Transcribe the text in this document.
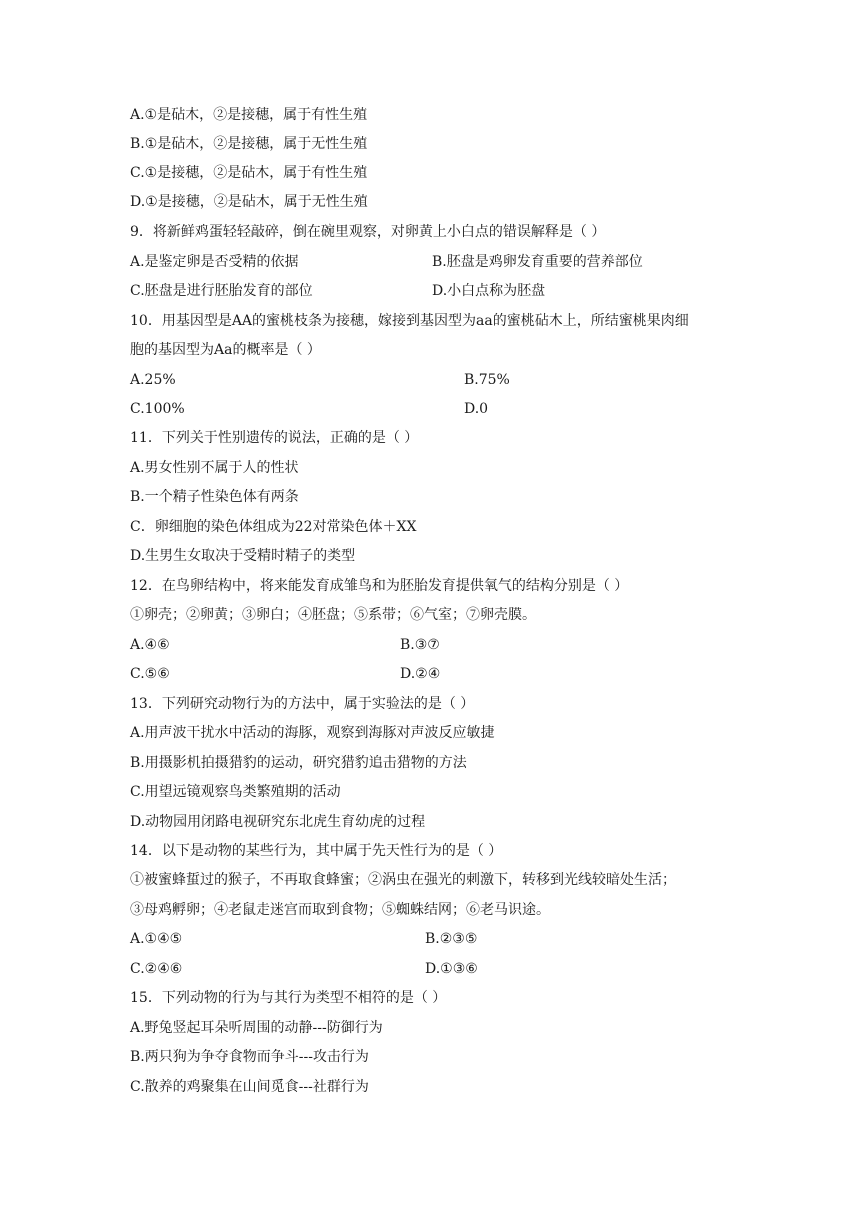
A.①是砧木，②是接穗，属于有性生殖
B.①是砧木，②是接穗，属于无性生殖
C.①是接穗，②是砧木，属于有性生殖
D.①是接穗，②是砧木，属于无性生殖
9．将新鲜鸡蛋轻轻敲碎，倒在碗里观察，对卵黄上小白点的错误解释是（ ）
A.是鉴定卵是否受精的依据	B.胚盘是鸡卵发育重要的营养部位
C.胚盘是进行胚胎发育的部位	D.小白点称为胚盘
10．用基因型是AA的蜜桃枝条为接穗，嫁接到基因型为aa的蜜桃砧木上，所结蜜桃果肉细
胞的基因型为Aa的概率是（ ）
A.25%	B.75%
C.100%	D.0
11．下列关于性别遗传的说法，正确的是（ ）
A.男女性别不属于人的性状
B.一个精子性染色体有两条
C．卵细胞的染色体组成为22对常染色体＋XX
D.生男生女取决于受精时精子的类型
12．在鸟卵结构中，将来能发育成雏鸟和为胚胎发育提供氧气的结构分别是（ ）
①卵壳；②卵黄；③卵白；④胚盘；⑤系带；⑥气室；⑦卵壳膜。
A.④⑥	B.③⑦
C.⑤⑥	D.②④
13．下列研究动物行为的方法中，属于实验法的是（ ）
A.用声波干扰水中活动的海豚，观察到海豚对声波反应敏捷
B.用摄影机拍摄猎豹的运动，研究猎豹追击猎物的方法
C.用望远镜观察鸟类繁殖期的活动
D.动物园用闭路电视研究东北虎生育幼虎的过程
14．以下是动物的某些行为，其中属于先天性行为的是（ ）
①被蜜蜂蜇过的猴子，不再取食蜂蜜；②涡虫在强光的刺激下，转移到光线较暗处生活；
③母鸡孵卵；④老鼠走迷宫而取到食物；⑤蜘蛛结网；⑥老马识途。
A.①④⑤	B.②③⑤
C.②④⑥	D.①③⑥
15．下列动物的行为与其行为类型不相符的是（ ）
A.野兔竖起耳朵听周围的动静---防御行为
B.两只狗为争夺食物而争斗---攻击行为
C.散养的鸡聚集在山间觅食---社群行为
